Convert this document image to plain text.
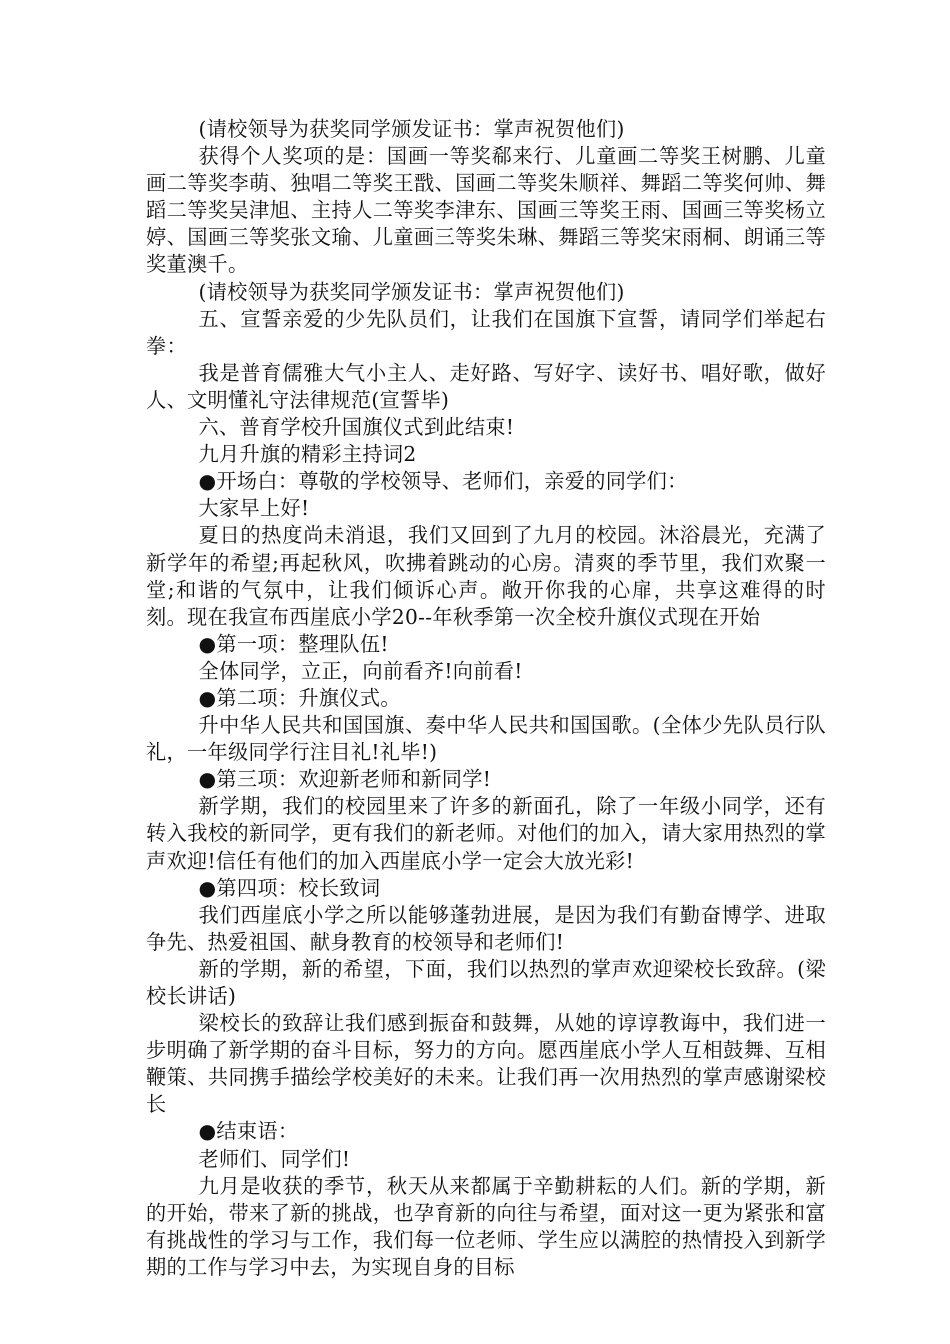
(请校领导为获奖同学颁发证书：掌声祝贺他们)

获得个人奖项的是：国画一等奖郗来行、儿童画二等奖王树鹏、儿童画二等奖李萌、独唱二等奖王戬、国画二等奖朱顺祥、舞蹈二等奖何帅、舞蹈二等奖吴津旭、主持人二等奖李津东、国画三等奖王雨、国画三等奖杨立婷、国画三等奖张文瑜、儿童画三等奖朱琳、舞蹈三等奖宋雨桐、朗诵三等奖董澳千。

(请校领导为获奖同学颁发证书：掌声祝贺他们)

五、宣誓亲爱的少先队员们，让我们在国旗下宣誓，请同学们举起右拳：

我是普育儒雅大气小主人、走好路、写好字、读好书、唱好歌，做好人、文明懂礼守法律规范(宣誓毕)

六、普育学校升国旗仪式到此结束!

九月升旗的精彩主持词2

●开场白：尊敬的学校领导、老师们，亲爱的同学们：

大家早上好!

夏日的热度尚未消退，我们又回到了九月的校园。沐浴晨光，充满了新学年的希望;再起秋风，吹拂着跳动的心房。清爽的季节里，我们欢聚一堂;和谐的气氛中，让我们倾诉心声。敞开你我的心扉，共享这难得的时刻。现在我宣布西崖底小学20--年秋季第一次全校升旗仪式现在开始

●第一项：整理队伍!

全体同学，立正，向前看齐!向前看!

●第二项：升旗仪式。

升中华人民共和国国旗、奏中华人民共和国国歌。(全体少先队员行队礼，一年级同学行注目礼!礼毕!)

●第三项：欢迎新老师和新同学!

新学期，我们的校园里来了许多的新面孔，除了一年级小同学，还有转入我校的新同学，更有我们的新老师。对他们的加入，请大家用热烈的掌声欢迎!信任有他们的加入西崖底小学一定会大放光彩!

●第四项：校长致词

我们西崖底小学之所以能够蓬勃进展，是因为我们有勤奋博学、进取争先、热爱祖国、献身教育的校领导和老师们!

新的学期，新的希望，下面，我们以热烈的掌声欢迎梁校长致辞。(梁校长讲话)

梁校长的致辞让我们感到振奋和鼓舞，从她的谆谆教诲中，我们进一步明确了新学期的奋斗目标，努力的方向。愿西崖底小学人互相鼓舞、互相鞭策、共同携手描绘学校美好的未来。让我们再一次用热烈的掌声感谢梁校长

●结束语：

老师们、同学们!

九月是收获的季节，秋天从来都属于辛勤耕耘的人们。新的学期，新的开始，带来了新的挑战，也孕育新的向往与希望，面对这一更为紧张和富有挑战性的学习与工作，我们每一位老师、学生应以满腔的热情投入到新学期的工作与学习中去，为实现自身的目标
